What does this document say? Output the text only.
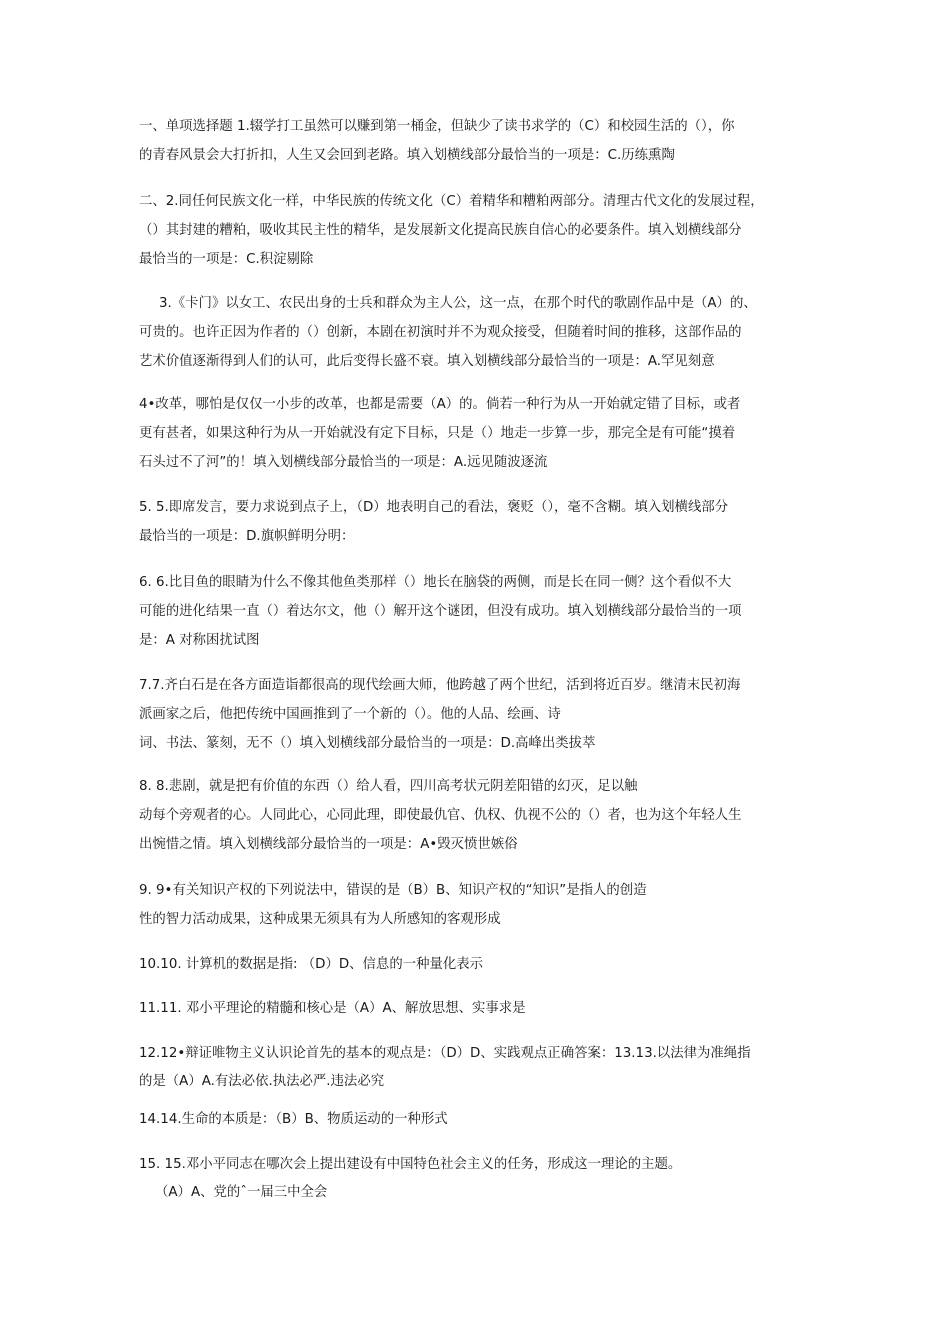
一、单项选择题 1.辍学打工虽然可以赚到第一桶金，但缺少了读书求学的（C）和校园生活的（），你
的青春风景会大打折扣，人生又会回到老路。填入划横线部分最恰当的一项是：C.历练熏陶
二、2.同任何民族文化一样，中华民族的传统文化（C）着精华和糟粕两部分。清理古代文化的发展过程，
（）其封建的糟粕，吸收其民主性的精华，是发展新文化提高民族自信心的必要条件。填入划横线部分
最恰当的一项是：C.积淀剔除
3.《卡门》以女工、农民出身的士兵和群众为主人公，这一点，在那个时代的歌剧作品中是（A）的、
可贵的。也许正因为作者的（）创新，本剧在初演时并不为观众接受，但随着时间的推移，这部作品的
艺术价值逐渐得到人们的认可，此后变得长盛不衰。填入划横线部分最恰当的一项是：A.罕见刻意
4•改革，哪怕是仅仅一小步的改革，也都是需要（A）的。倘若一种行为从一开始就定错了目标，或者
更有甚者，如果这种行为从一开始就没有定下目标，只是（）地走一步算一步，那完全是有可能“摸着
石头过不了河”的！填入划横线部分最恰当的一项是：A.远见随波逐流
5. 5.即席发言，要力求说到点子上，（D）地表明自己的看法，褒贬（），毫不含糊。填入划横线部分
最恰当的一项是：D.旗帜鲜明分明：
6. 6.比目鱼的眼睛为什么不像其他鱼类那样（）地长在脑袋的两侧，而是长在同一侧？这个看似不大
可能的进化结果一直（）着达尔文，他（）解开这个谜团，但没有成功。填入划横线部分最恰当的一项
是：A 对称困扰试图
7.7.齐白石是在各方面造诣都很高的现代绘画大师，他跨越了两个世纪，活到将近百岁。继清末民初海
派画家之后，他把传统中国画推到了一个新的（）。他的人品、绘画、诗
词、书法、篆刻，无不（）填入划横线部分最恰当的一项是：D.高峰出类拔萃
8. 8.悲剧，就是把有价值的东西（）给人看，四川高考状元阴差阳错的幻灭，足以触
动每个旁观者的心。人同此心，心同此理，即使最仇官、仇权、仇视不公的（）者，也为这个年轻人生
出惋惜之情。填入划横线部分最恰当的一项是：A•毁灭愤世嫉俗
9. 9•有关知识产权的下列说法中，错误的是（B）B、知识产权的“知识”是指人的创造
性的智力活动成果，这种成果无须具有为人所感知的客观形成
10.10. 计算机的数据是指: （D）D、信息的一种量化表示
11.11. 邓小平理论的精髓和核心是（A）A、解放思想、实事求是
12.12•辩证唯物主义认识论首先的基本的观点是：（D）D、实践观点正确答案：13.13.以法律为准绳指
的是（A）A.有法必依.执法必严.违法必究
14.14.生命的本质是：（B）B、物质运动的一种形式
15. 15.邓小平同志在哪次会上提出建设有中国特色社会主义的任务，形成这一理论的主题。
（A）A、党的ˆ一届三中全会
